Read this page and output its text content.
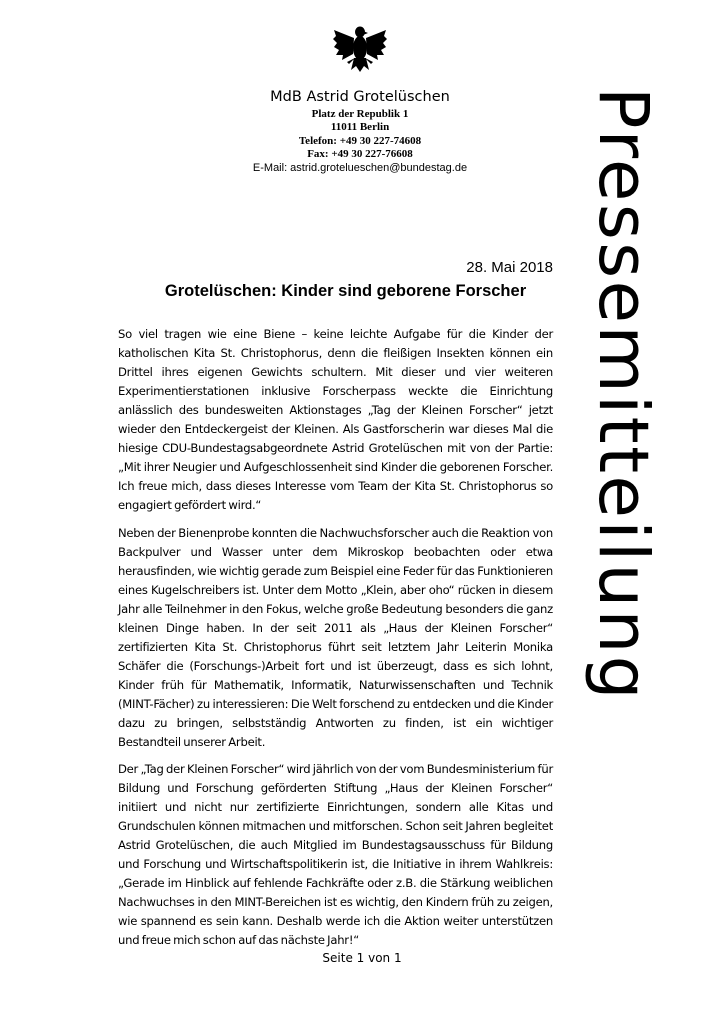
MdB Astrid Grotelüschen
Platz der Republik 1
11011 Berlin
Telefon: +49 30 227-74608
Fax: +49 30 227-76608
E-Mail: astrid.grotelueschen@bundestag.de	Pressemitteilung
28. Mai 2018
Grotelüschen: Kinder sind geborene Forscher

So viel tragen wie eine Biene – keine leichte Aufgabe für die Kinder der katholischen Kita St. Christophorus, denn die fleißigen Insekten können ein Drittel ihres eigenen Gewichts schultern. Mit dieser und vier weiteren Experimentierstationen inklusive Forscherpass weckte die Einrichtung anlässlich des bundesweiten Aktionstages „Tag der Kleinen Forscher“ jetzt wieder den Entdeckergeist der Kleinen. Als Gastforscherin war dieses Mal die hiesige CDU-Bundestagsabgeordnete Astrid Grotelüschen mit von der Partie: „Mit ihrer Neugier und Aufgeschlossenheit sind Kinder die geborenen Forscher. Ich freue mich, dass dieses Interesse vom Team der Kita St. Christophorus so engagiert gefördert wird.“

Neben der Bienenprobe konnten die Nachwuchsforscher auch die Reaktion von Backpulver und Wasser unter dem Mikroskop beobachten oder etwa herausfinden, wie wichtig gerade zum Beispiel eine Feder für das Funktionieren eines Kugelschreibers ist. Unter dem Motto „Klein, aber oho“ rücken in diesem Jahr alle Teilnehmer in den Fokus, welche große Bedeutung besonders die ganz kleinen Dinge haben. In der seit 2011 als „Haus der Kleinen Forscher“ zertifizierten Kita St. Christophorus führt seit letztem Jahr Leiterin Monika Schäfer die (Forschungs-)Arbeit fort und ist überzeugt, dass es sich lohnt, Kinder früh für Mathematik, Informatik, Naturwissenschaften und Technik (MINT-Fächer) zu interessieren: Die Welt forschend zu entdecken und die Kinder dazu zu bringen, selbstständig Antworten zu finden, ist ein wichtiger Bestandteil unserer Arbeit.

Der „Tag der Kleinen Forscher“ wird jährlich von der vom Bundesministerium für Bildung und Forschung geförderten Stiftung „Haus der Kleinen Forscher“ initiiert und nicht nur zertifizierte Einrichtungen, sondern alle Kitas und Grundschulen können mitmachen und mitforschen. Schon seit Jahren begleitet Astrid Grotelüschen, die auch Mitglied im Bundestagsausschuss für Bildung und Forschung und Wirtschaftspolitikerin ist, die Initiative in ihrem Wahlkreis: „Gerade im Hinblick auf fehlende Fachkräfte oder z.B. die Stärkung weiblichen Nachwuchses in den MINT-Bereichen ist es wichtig, den Kindern früh zu zeigen, wie spannend es sein kann. Deshalb werde ich die Aktion weiter unterstützen und freue mich schon auf das nächste Jahr!“

Seite 1 von 1
